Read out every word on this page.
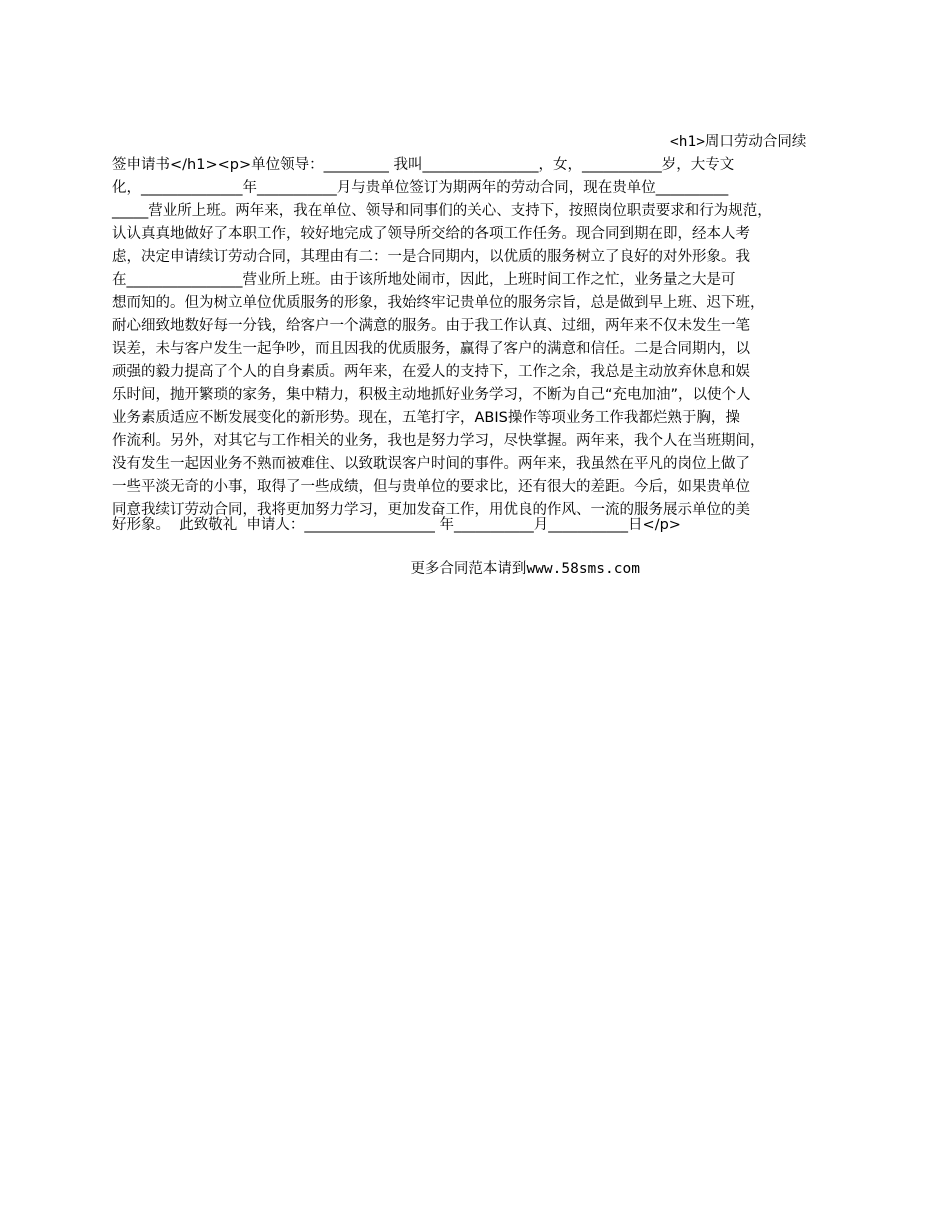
<h1>周口劳动合同续
签申请书</h1><p>单位领导：_________ 我叫________________，女，___________岁，大专文
化，______________年___________月与贵单位签订为期两年的劳动合同，现在贵单位__________
_____营业所上班。两年来，我在单位、领导和同事们的关心、支持下，按照岗位职责要求和行为规范，
认认真真地做好了本职工作，较好地完成了领导所交给的各项工作任务。现合同到期在即，经本人考
虑，决定申请续订劳动合同，其理由有二：一是合同期内，以优质的服务树立了良好的对外形象。我
在________________营业所上班。由于该所地处闹市，因此，上班时间工作之忙，业务量之大是可
想而知的。但为树立单位优质服务的形象，我始终牢记贵单位的服务宗旨，总是做到早上班、迟下班，
耐心细致地数好每一分钱，给客户一个满意的服务。由于我工作认真、过细，两年来不仅未发生一笔
误差，未与客户发生一起争吵，而且因我的优质服务，赢得了客户的满意和信任。二是合同期内，以
顽强的毅力提高了个人的自身素质。两年来，在爱人的支持下，工作之余，我总是主动放弃休息和娱
乐时间，抛开繁琐的家务，集中精力，积极主动地抓好业务学习，不断为自己“充电加油”，以使个人
业务素质适应不断发展变化的新形势。现在，五笔打字，ABIS操作等项业务工作我都烂熟于胸，操
作流利。另外，对其它与工作相关的业务，我也是努力学习，尽快掌握。两年来，我个人在当班期间，
没有发生一起因业务不熟而被难住、以致耽误客户时间的事件。两年来，我虽然在平凡的岗位上做了
一些平淡无奇的小事，取得了一些成绩，但与贵单位的要求比，还有很大的差距。今后，如果贵单位
同意我续订劳动合同，我将更加努力学习，更加发奋工作，用优良的作风、一流的服务展示单位的美
好形象。  此致敬礼  申请人：__________________ 年___________月___________日</p>

更多合同范本请到www.58sms.com
